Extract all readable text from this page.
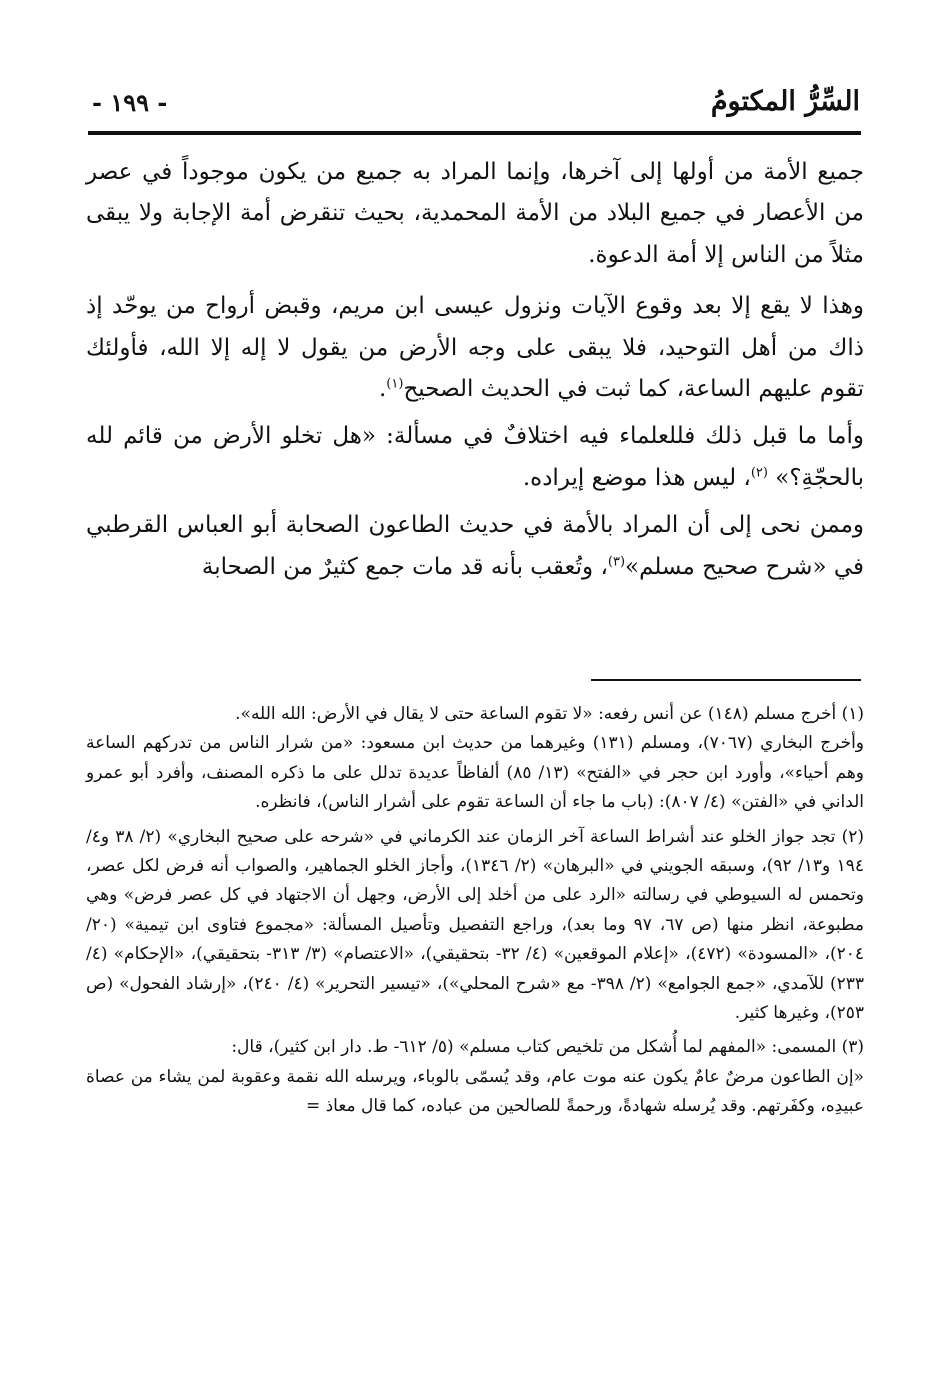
السِّرُّ المكتومُ
- ١٩٩ -

جميع الأمة من أولها إلى آخرها، وإنما المراد به جميع من يكون موجوداً في عصر من الأعصار في جميع البلاد من الأمة المحمدية، بحيث تنقرض أمة الإجابة ولا يبقى مثلاً من الناس إلا أمة الدعوة.

وهذا لا يقع إلا بعد وقوع الآيات ونزول عيسى ابن مريم، وقبض أرواح من يوحّد إذ ذاك من أهل التوحيد، فلا يبقى على وجه الأرض من يقول لا إله إلا الله، فأولئك تقوم عليهم الساعة، كما ثبت في الحديث الصحيح$^{(١)}$.

وأما ما قبل ذلك فللعلماء فيه اختلافٌ في مسألة: «هل تخلو الأرض من قائم لله بالحجّةِ؟» $^{(٢)}$، ليس هذا موضع إيراده.

وممن نحى إلى أن المراد بالأمة في حديث الطاعون الصحابة أبو العباس القرطبي في «شرح صحيح مسلم»$^{(٣)}$، وتُعقب بأنه قد مات جمع كثيرٌ من الصحابة

(١) أخرج مسلم (١٤٨) عن أنس رفعه: «لا تقوم الساعة حتى لا يقال في الأرض: الله الله».

وأخرج البخاري (٧٠٦٧)، ومسلم (١٣١) وغيرهما من حديث ابن مسعود: «من شرار الناس من تدركهم الساعة وهم أحياء»، وأورد ابن حجر في «الفتح» (١٣/ ٨٥) ألفاظاً عديدة تدلل على ما ذكره المصنف، وأفرد أبو عمرو الداني في «الفتن» (٤/ ٨٠٧): (باب ما جاء أن الساعة تقوم على أشرار الناس)، فانظره.

(٢) تجد جواز الخلو عند أشراط الساعة آخر الزمان عند الكرماني في «شرحه على صحيح البخاري» (٢/ ٣٨ و٤/ ١٩٤ و١٣/ ٩٢)، وسبقه الجويني في «البرهان» (٢/ ١٣٤٦)، وأجاز الخلو الجماهير، والصواب أنه فرض لكل عصر، وتحمس له السيوطي في رسالته «الرد على من أخلد إلى الأرض، وجهل أن الاجتهاد في كل عصر فرض» وهي مطبوعة، انظر منها (ص ٦٧، ٩٧ وما بعد)، وراجع التفصيل وتأصيل المسألة: «مجموع فتاوى ابن تيمية» (٢٠/ ٢٠٤)، «المسودة» (٤٧٢)، «إعلام الموقعين» (٤/ ٣٢- بتحقيقي)، «الاعتصام» (٣/ ٣١٣- بتحقيقي)، «الإحكام» (٤/ ٢٣٣) للآمدي، «جمع الجوامع» (٢/ ٣٩٨- مع «شرح المحلي»)، «تيسير التحرير» (٤/ ٢٤٠)، «إرشاد الفحول» (ص ٢٥٣)، وغيرها كثير.

(٣) المسمى: «المفهم لما أُشكل من تلخيص كتاب مسلم» (٥/ ٦١٢- ط. دار ابن كثير)، قال:

«إن الطاعون مرضٌ عامٌ يكون عنه موت عام، وقد يُسمّى بالوباء، ويرسله الله نقمة وعقوبة لمن يشاء من عصاة عبيدِه، وكفَرتهم. وقد يُرسله شهادةً، ورحمةً للصالحين من عباده، كما قال معاذ =
